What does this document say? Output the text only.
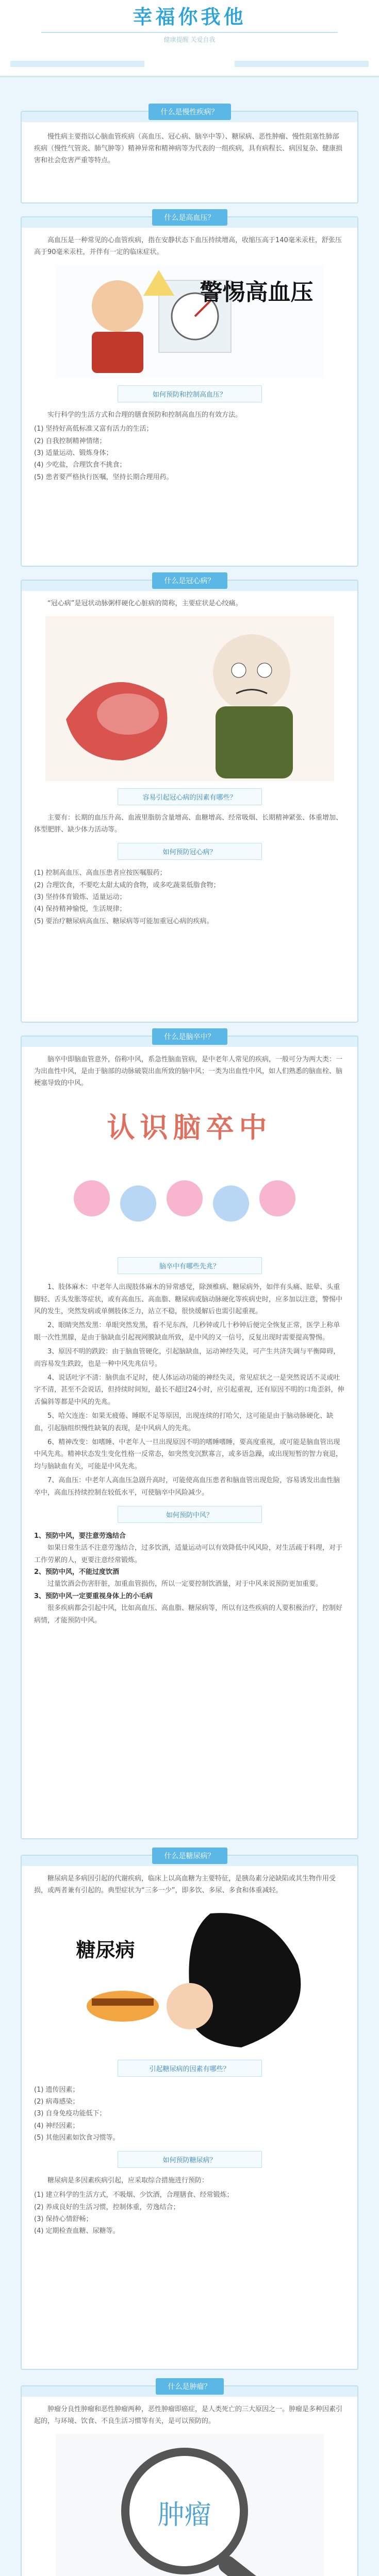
幸福你我他
健康提醒 关爱自我
什么是慢性疾病？

慢性病主要指以心脑血管疾病（高血压、冠心病、脑卒中等）、糖尿病、恶性肿瘤、慢性阻塞性肺部疾病（慢性气管炎、肺气肿等）精神异常和精神病等为代表的一组疾病，具有病程长、病因复杂、健康损害和社会危害严重等特点。

什么是高血压？

高血压是一种常见的心血管疾病，指在安静状态下血压持续增高，收缩压高于140毫米汞柱，舒张压高于90毫米汞柱，并伴有一定的临床症状。

警惕高血压
如何预防和控制高血压？

实行科学的生活方式和合理的膳食预防和控制高血压的有效方法。

(1) 坚持好高低标准又富有活力的生活；
(2) 自我控制精神情绪；
(3) 适量运动、锻炼身体；
(4) 少吃盐，合理饮食不挑食；
(5) 患者要严格执行医嘱，坚持长期合理用药。
什么是冠心病？

“冠心病”是冠状动脉粥样硬化心脏病的简称，主要症状是心绞痛。

容易引起冠心病的因素有哪些？

主要有：长期的血压升高、血液里脂肪含量增高、血糖增高、经常吸烟、长期精神紧张、体重增加、体型肥胖、缺少体力活动等。

如何预防冠心病？
(1) 控制高血压、高血压患者应按医嘱服药；
(2) 合理饮食，不要吃太甜太咸的食物，或多吃蔬菜低脂食物；
(3) 坚持体育锻炼、适量运动；
(4) 保持精神愉悦，生活规律；
(5) 要治疗糖尿病高血压、糖尿病等可能加重冠心病的疾病。
什么是脑卒中？

脑卒中即脑血管意外，俗称中风，系急性脑血管病，是中老年人常见的疾病，一般可分为两大类：一为出血性中风，是由于脑部的动脉破裂出血所致的脑中风；一类为出血性中风，如人们熟悉的脑血栓、脑梗塞导致的中风。

认识脑卒中
脑卒中有哪些先兆？
1、肢体麻木：中老年人出现肢体麻木的异常感觉，除颈椎病、糖尿病外，如伴有头痛、眩晕、头重脚轻、舌头发胀等症状，或有高血压、高血脂、糖尿病或脑动脉硬化等疾病史时，应多加以注意，警惕中风的发生，突然发病或单侧肢体乏力，站立不稳，很快缓解后也需引起重视。
2、眼睛突然发黑：单眼突然发黑，看不见东西，几秒钟或几十秒钟后便完全恢复正常，医学上称单眼一次性黑朦，是由于脑缺血引起视网膜缺血所致，是中风的又一信号，反复出现时需要提高警惕。
3、原因不明的跌跤：由于脑血管硬化，引起脑缺血，运动神经失灵，可产生共济失调与平衡障碍，而容易发生跌跤，也是一种中风先兆信号。
4、说话吐字不清：脑供血不足时，使人体运动功能的神经失灵，常见症状之一是突然说话不灵或吐字不清，甚至不会说话，但持续时间短，最长不超过24小时，应引起重视，还有原因不明的口角歪斜，伸舌偏斜等都是中风的先兆。
5、哈欠连连：如果无疲倦、睡眠不足等原因，出现连续的打哈欠，这可能是由于脑动脉硬化、缺血，引起脑组织慢性缺氧的表现，是中风病人的先兆。
6、精神改变：如嗜睡、中老年人一旦出现原因不明的嗜睡嗜睡，要高度重视，或可能是脑血管出现中风先兆。精神状态发生变化性格一反常态，如突然变沉默寡言，或多语急躁，或出现短暂的智力衰退，均与脑缺血有关，可能是中风先兆。
7、高血压：中老年人高血压急剧升高时，可能使高血压患者和脑血管出现危险，容易诱发出血性脑卒中，高血压持续控制在较低水平，可使脑卒中风险减少。
如何预防中风？
1、预防中风，要注意劳逸结合
如果日常生活不注意劳逸结合，过多饮酒，适量运动可以有效降低中风风险，对生活疏于料理，对于工作劳累的人，更要注意经常锻炼。
2、预防中风，不能过度饮酒
过量饮酒会伤害肝脏，加重血管损伤，所以一定要控制饮酒量，对于中风来说预防更加重要。
3、预防中风一定要重视身体上的小毛病
很多疾病都会引起中风，比如高血压、高血脂、糖尿病等，所以有这些疾病的人要积极治疗，控制好病情，才能预防中风。
什么是糖尿病？

糖尿病是多病因引起的代谢疾病，临床上以高血糖为主要特征，是胰岛素分泌缺陷或其生物作用受损，或两者兼有引起的。典型症状为“三多一少”，即多饮、多尿、多食和体重减轻。

糖尿病
引起糖尿病的因素有哪些？
(1) 遗传因素；
(2) 病毒感染；
(3) 自身免疫功能低下；
(4) 神经因素；
(5) 其他因素如饮食习惯等。
如何预防糖尿病？

糖尿病是多因素疾病引起，应采取综合措施进行预防：

(1) 建立科学的生活方式，不吸烟、少饮酒，合理膳食、经常锻炼；
(2) 养成良好的生活习惯，控制体重，劳逸结合；
(3) 保持心情舒畅；
(4) 定期检查血糖、尿糖等。
什么是肿瘤？

肿瘤分良性肿瘤和恶性肿瘤两种，恶性肿瘤即癌症，是人类死亡的三大原因之一。肿瘤是多种因素引起的，与环境、饮食、不良生活习惯等有关，是可以预防的。

肿瘤
